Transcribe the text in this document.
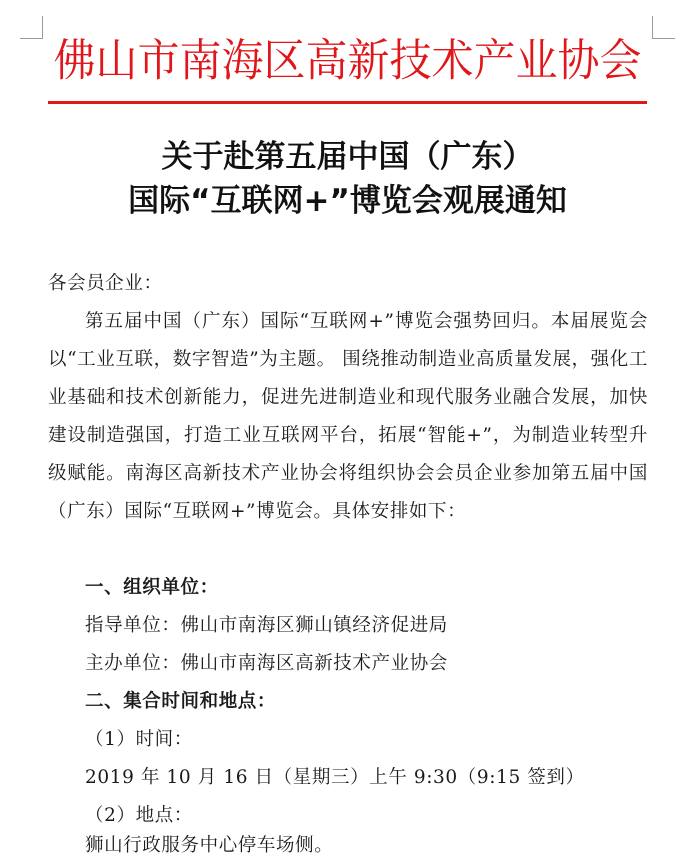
佛山市南海区高新技术产业协会
关于赴第五届中国（广东）
国际“互联网+”博览会观展通知
各会员企业：
第五届中国（广东）国际“互联网+”博览会强势回归。本届展览会以“工业互联，数字智造”为主题。 围绕推动制造业高质量发展，强化工业基础和技术创新能力，促进先进制造业和现代服务业融合发展，加快建设制造强国，打造工业互联网平台，拓展“智能+”，为制造业转型升级赋能。南海区高新技术产业协会将组织协会会员企业参加第五届中国（广东）国际“互联网+”博览会。具体安排如下：
一、组织单位：
指导单位：佛山市南海区狮山镇经济促进局
主办单位：佛山市南海区高新技术产业协会
二、集合时间和地点：
（1）时间：
2019 年 10 月 16 日（星期三）上午 9:30（9:15 签到）
（2）地点：
狮山行政服务中心停车场侧。
